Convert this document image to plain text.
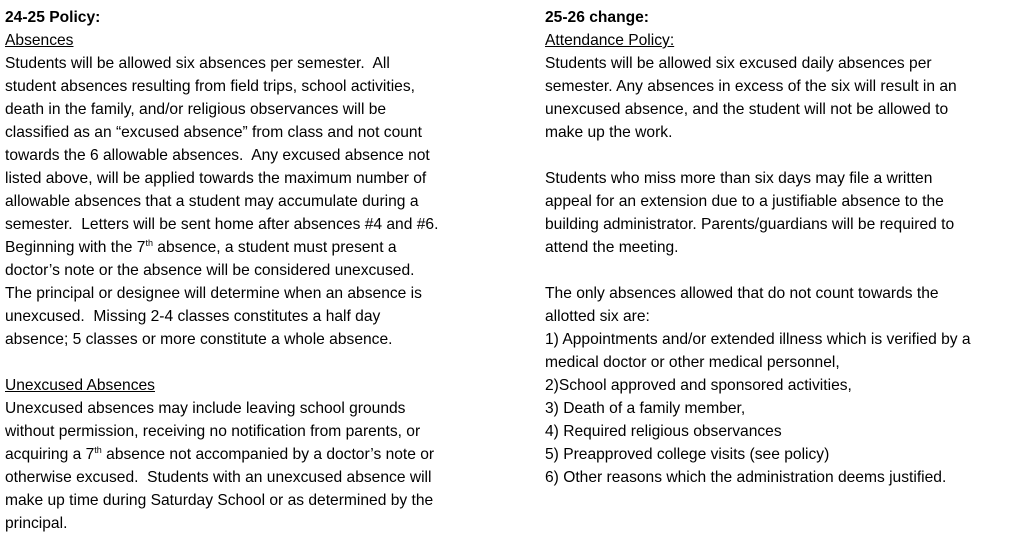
24-25 Policy:
Absences
Students will be allowed six absences per semester.  All
student absences resulting from field trips, school activities,
death in the family, and/or religious observances will be
classified as an “excused absence” from class and not count
towards the 6 allowable absences.  Any excused absence not
listed above, will be applied towards the maximum number of
allowable absences that a student may accumulate during a
semester.  Letters will be sent home after absences #4 and #6.
Beginning with the 7th absence, a student must present a
doctor’s note or the absence will be considered unexcused.
The principal or designee will determine when an absence is
unexcused.  Missing 2-4 classes constitutes a half day
absence; 5 classes or more constitute a whole absence.
Unexcused Absences
Unexcused absences may include leaving school grounds
without permission, receiving no notification from parents, or
acquiring a 7th absence not accompanied by a doctor’s note or
otherwise excused.  Students with an unexcused absence will
make up time during Saturday School or as determined by the
principal.
25-26 change:
Attendance Policy:
Students will be allowed six excused daily absences per
semester. Any absences in excess of the six will result in an
unexcused absence, and the student will not be allowed to
make up the work.
Students who miss more than six days may file a written
appeal for an extension due to a justifiable absence to the
building administrator. Parents/guardians will be required to
attend the meeting.
The only absences allowed that do not count towards the
allotted six are:
1) Appointments and/or extended illness which is verified by a
medical doctor or other medical personnel,
2)School approved and sponsored activities,
3) Death of a family member,
4) Required religious observances
5) Preapproved college visits (see policy)
6) Other reasons which the administration deems justified.
